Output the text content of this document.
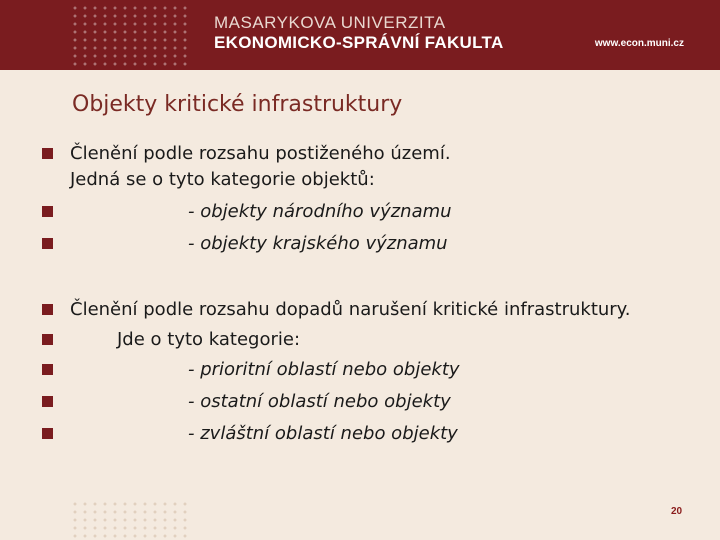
MASARYKOVA UNIVERZITA
EKONOMICKO-SPRÁVNÍ FAKULTA	www.econ.muni.cz
Objekty kritické infrastruktury
Členění podle rozsahu postiženého území.
Jedná se o tyto kategorie objektů:
- objekty národního významu
- objekty krajského významu
Členění podle rozsahu dopadů narušení kritické infrastruktury.
Jde o tyto kategorie:
- prioritní oblastí nebo objekty
- ostatní oblastí nebo objekty
- zvláštní oblastí nebo objekty
20
